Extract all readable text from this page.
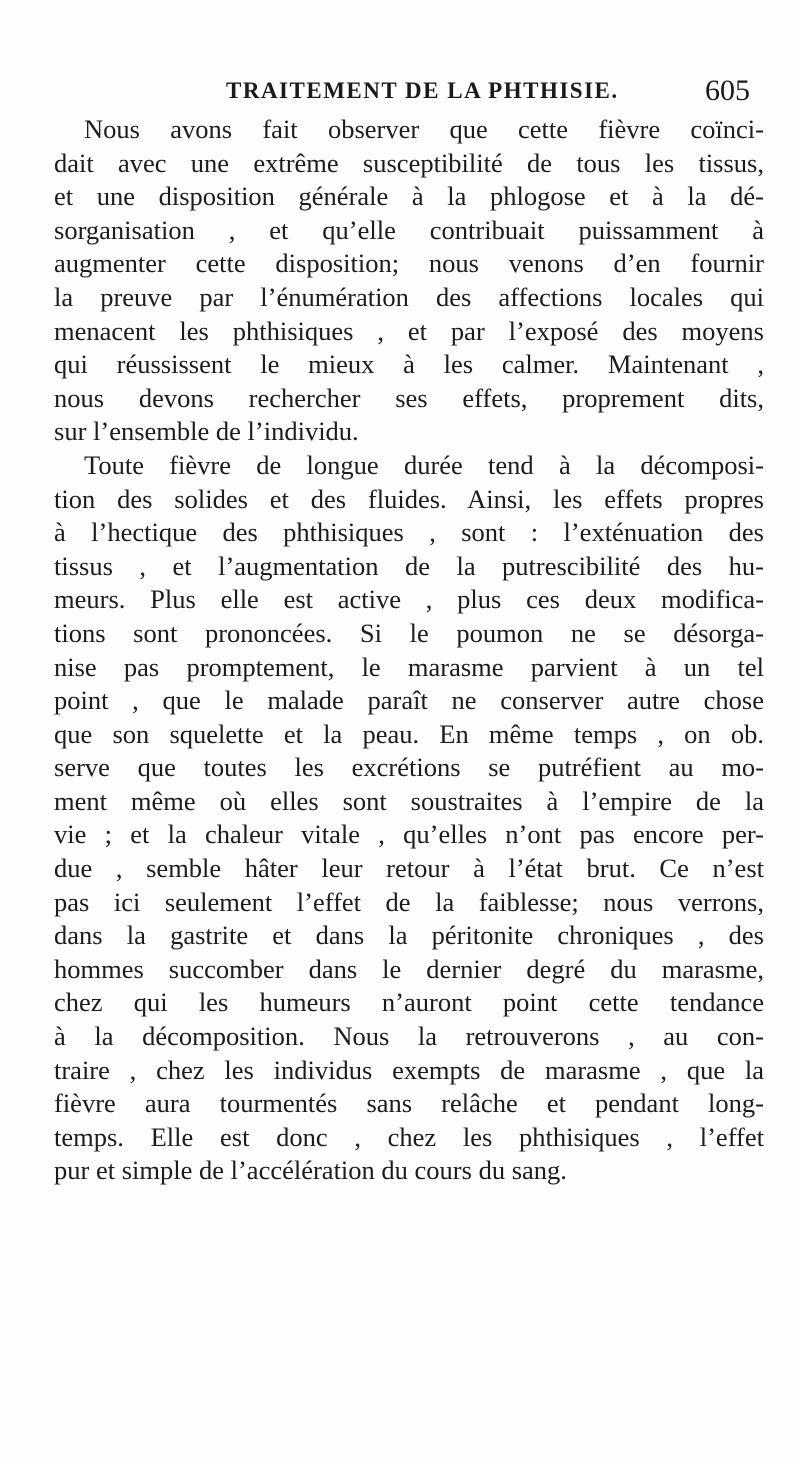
TRAITEMENT DE LA PHTHISIE.	605
Nous avons fait observer que cette fièvre coïnci-
dait avec une extrême susceptibilité de tous les tissus,
et une disposition générale à la phlogose et à la dé-
sorganisation , et qu’elle contribuait puissamment à
augmenter cette disposition; nous venons d’en fournir
la preuve par l’énumération des affections locales qui
menacent les phthisiques , et par l’exposé des moyens
qui réussissent le mieux à les calmer. Maintenant ,
nous devons rechercher ses effets, proprement dits,
sur l’ensemble de l’individu.
Toute fièvre de longue durée tend à la décomposi-
tion des solides et des fluides. Ainsi, les effets propres
à l’hectique des phthisiques , sont : l’exténuation des
tissus , et l’augmentation de la putrescibilité des hu-
meurs. Plus elle est active , plus ces deux modifica-
tions sont prononcées. Si le poumon ne se désorga-
nise pas promptement, le marasme parvient à un tel
point , que le malade paraît ne conserver autre chose
que son squelette et la peau. En même temps , on ob.
serve que toutes les excrétions se putréfient au mo-
ment même où elles sont soustraites à l’empire de la
vie ; et la chaleur vitale , qu’elles n’ont pas encore per-
due , semble hâter leur retour à l’état brut. Ce n’est
pas ici seulement l’effet de la faiblesse; nous verrons,
dans la gastrite et dans la péritonite chroniques , des
hommes succomber dans le dernier degré du marasme,
chez qui les humeurs n’auront point cette tendance
à la décomposition. Nous la retrouverons , au con-
traire , chez les individus exempts de marasme , que la
fièvre aura tourmentés sans relâche et pendant long-
temps. Elle est donc , chez les phthisiques , l’effet
pur et simple de l’accélération du cours du sang.
